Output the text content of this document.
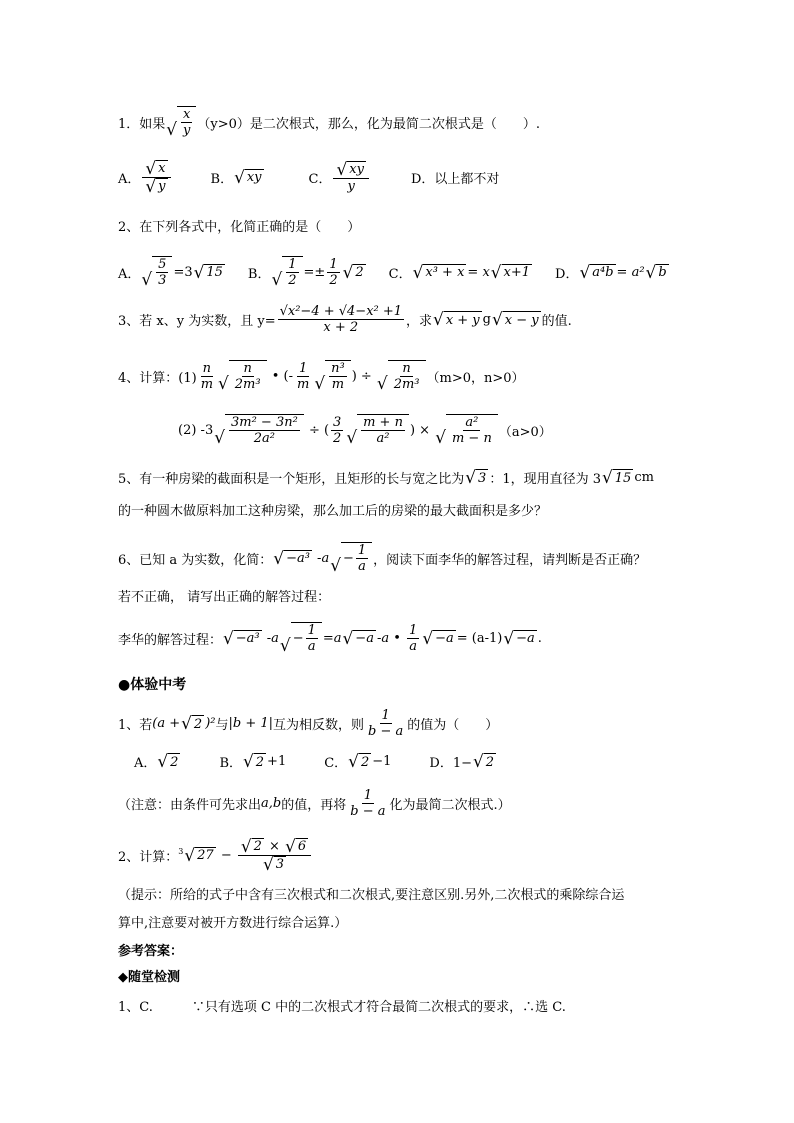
1．如果 √ $\frac{x}{y} (y>0)$是二次根式，那么，化为最简二次根式是（　　）.
A． $\frac{√ x}{√ y}$	B． √ xy	C． $\frac{√ xy}{y}$	D．以上都不对
2、在下列各式中，化简正确的是（　　）
A． √ $\frac{5}{3} =3$ √ 15 B． √ $\frac{1}{2} =\pm \frac{1}{2}$ √ 2 C． √ x³ + x = x √ x+1 D． √ a⁴b = a² √ b
3、若 x、y 为实数，且 $y= \frac{\text{√x²−4 + √4−x² +1}}{x + 2}$ ，求 √ x + y g √ x − y 的值.
4、计算：$(1) \frac{n}{m}$ √ $\frac{n}{\text{2m³}}$ • (- $\frac{1}{m}$ √ $\frac{\text{n³}}{m}$ ) ÷ √ $\frac{n}{\text{2m³}} (m>0$，n>0）
(2) -3 √ $\frac{\text{3m² − 3n²}}{\text{2a²}}$ ÷ ( $\frac{3}{2}$ √ $\frac{m + n}{\text{a²}}$ ) × √ $\frac{\text{a²}}{m - n} (a>0)$
5、有一种房梁的截面积是一个矩形，且矩形的长与宽之比为 √ 3 ：1，现用直径为 3 √ 15 cm
的一种圆木做原料加工这种房梁，那么加工后的房梁的最大截面积是多少？
6、已知 a 为实数，化简： √ −a³ -a √ − $\frac{1}{a}$ ，阅读下面李华的解答过程，请判断是否正确？
若不正确， 请写出正确的解答过程：
李华的解答过程： √ −a³ -a √ − $\frac{1}{a} =a$ √ −a -a • $\frac{1}{a}$ √ −a = (a-1) √ −a .
●体验中考
1、若 (a + √ 2 )² 与 |b + 1| 互为相反数，则 $\frac{1}{b - a}$ 的值为（　　）
A． √ 2	B． √ 2 +1	C． √ 2 −1	D．1− √ 2
（注意：由条件可先求出 a,b 的值，再将 $\frac{1}{b - a}$ 化为最简二次根式.）
2、计算： $^3$ √ $27 - \frac{√ 2 \times √ 6}{√ 3}$
（提示：所给的式子中含有三次根式和二次根式,要注意区别.另外,二次根式的乘除综合运
算中,注意要对被开方数进行综合运算.）
参考答案：
◆随堂检测
1、C.　　　∵只有选项 C 中的二次根式才符合最简二次根式的要求，∴选 C.
